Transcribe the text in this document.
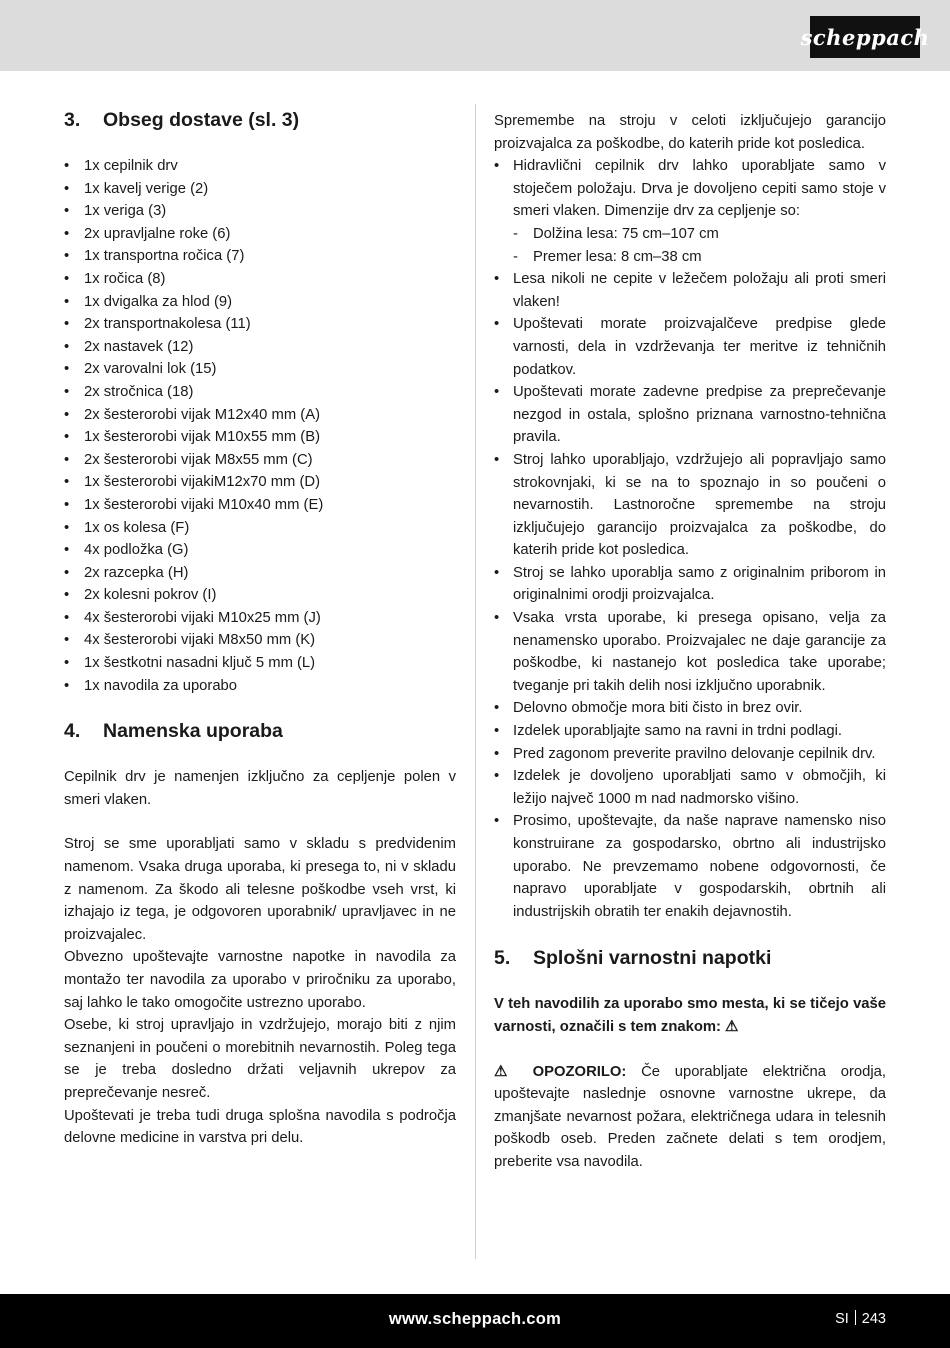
scheppach
3.	Obseg dostave (sl. 3)
• 1x cepilnik drv
• 1x kavelj verige (2)
• 1x veriga (3)
• 2x upravljalne roke (6)
• 1x transportna ročica (7)
• 1x ročica (8)
• 1x dvigalka za hlod (9)
• 2x transportnakolesa (11)
• 2x nastavek (12)
• 2x varovalni lok (15)
• 2x stročnica (18)
• 2x šesterorobi vijak M12x40 mm (A)
• 1x šesterorobi vijak M10x55 mm (B)
• 2x šesterorobi vijak M8x55 mm (C)
• 1x šesterorobi vijakiM12x70 mm (D)
• 1x šesterorobi vijaki M10x40 mm (E)
• 1x os kolesa (F)
• 4x podložka (G)
• 2x razcepka (H)
• 2x kolesni pokrov (I)
• 4x šesterorobi vijaki M10x25 mm (J)
• 4x šesterorobi vijaki M8x50 mm (K)
• 1x šestkotni nasadni ključ 5 mm (L)
• 1x navodila za uporabo
4.	Namenska uporaba

Cepilnik drv je namenjen izključno za cepljenje polen v smeri vlaken.

Stroj se sme uporabljati samo v skladu s predvidenim namenom. Vsaka druga uporaba, ki presega to, ni v skladu z namenom. Za škodo ali telesne poškodbe vseh vrst, ki izhajajo iz tega, je odgovoren uporabnik/ upravljavec in ne proizvajalec.

Obvezno upoštevajte varnostne napotke in navodila za montažo ter navodila za uporabo v priročniku za uporabo, saj lahko le tako omogočite ustrezno uporabo.

Osebe, ki stroj upravljajo in vzdržujejo, morajo biti z njim seznanjeni in poučeni o morebitnih nevarnostih. Poleg tega se je treba dosledno držati veljavnih ukrepov za preprečevanje nesreč.

Upoštevati je treba tudi druga splošna navodila s področja delovne medicine in varstva pri delu.

Spremembe na stroju v celoti izključujejo garancijo proizvajalca za poškodbe, do katerih pride kot posledica.

• Hidravlični cepilnik drv lahko uporabljate samo v stoječem položaju. Drva je dovoljeno cepiti samo stoje v smeri vlaken. Dimenzije drv za cepljenje so:
- Dolžina lesa: 75 cm–107 cm
- Premer lesa: 8 cm–38 cm
• Lesa nikoli ne cepite v ležečem položaju ali proti smeri vlaken!
• Upoštevati morate proizvajalčeve predpise glede varnosti, dela in vzdrževanja ter meritve iz tehničnih podatkov.
• Upoštevati morate zadevne predpise za preprečevanje nezgod in ostala, splošno priznana varnostno-tehnična pravila.
• Stroj lahko uporabljajo, vzdržujejo ali popravljajo samo strokovnjaki, ki se na to spoznajo in so poučeni o nevarnostih. Lastnoročne spremembe na stroju izključujejo garancijo proizvajalca za poškodbe, do katerih pride kot posledica.
• Stroj se lahko uporablja samo z originalnim priborom in originalnimi orodji proizvajalca.
• Vsaka vrsta uporabe, ki presega opisano, velja za nenamensko uporabo. Proizvajalec ne daje garancije za poškodbe, ki nastanejo kot posledica take uporabe; tveganje pri takih delih nosi izključno uporabnik.
• Delovno območje mora biti čisto in brez ovir.
• Izdelek uporabljajte samo na ravni in trdni podlagi.
• Pred zagonom preverite pravilno delovanje cepilnik drv.
• Izdelek je dovoljeno uporabljati samo v območjih, ki ležijo največ 1000 m nad nadmorsko višino.
• Prosimo, upoštevajte, da naše naprave namensko niso konstruirane za gospodarsko, obrtno ali industrijsko uporabo. Ne prevzemamo nobene odgovornosti, če napravo uporabljate v gospodarskih, obrtnih ali industrijskih obratih ter enakih dejavnostih.
5.	Splošni varnostni napotki

V teh navodilih za uporabo smo mesta, ki se tičejo vaše varnosti, označili s tem znakom: ⚠

⚠ OPOZORILO: Če uporabljate električna orodja, upoštevajte naslednje osnovne varnostne ukrepe, da zmanjšate nevarnost požara, električnega udara in telesnih poškodb oseb. Preden začnete delati s tem orodjem, preberite vsa navodila.

www.scheppach.com	SI 243
